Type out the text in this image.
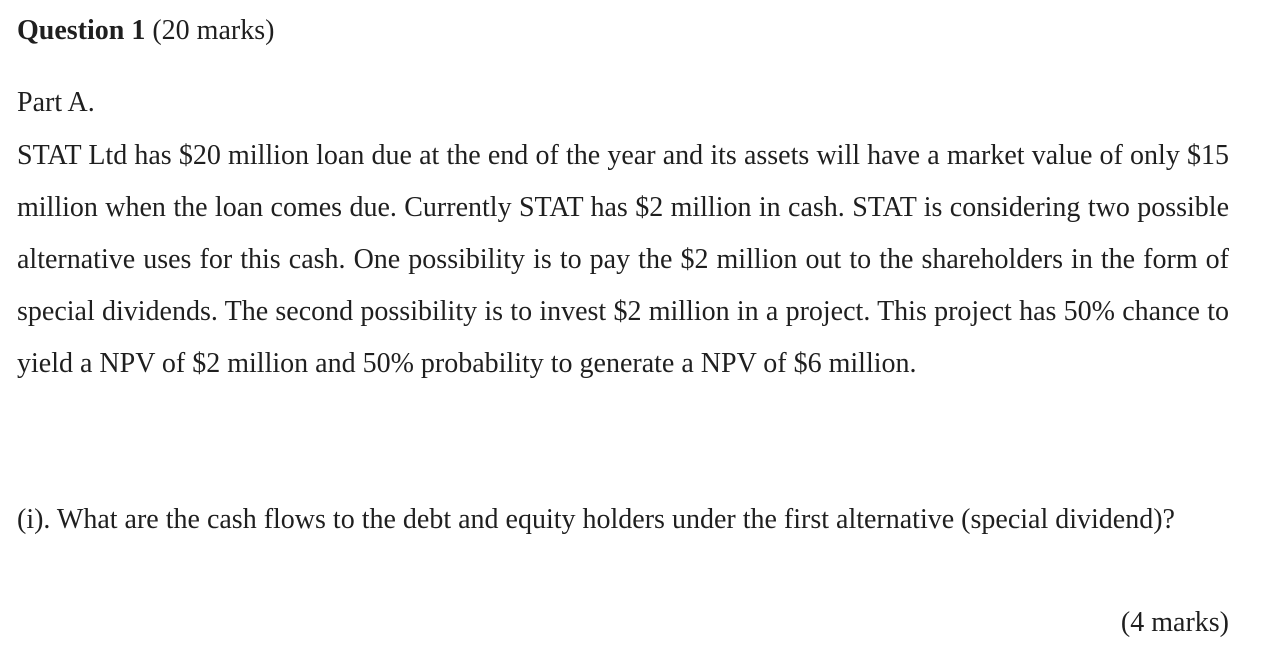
Question 1 (20 marks)
Part A.

STAT Ltd has $20 million loan due at the end of the year and its assets will have a market value of only $15 million when the loan comes due. Currently STAT has $2 million in cash. STAT is considering two possible alternative uses for this cash. One possibility is to pay the $2 million out to the shareholders in the form of special dividends. The second possibility is to invest $2 million in a project. This project has 50% chance to yield a NPV of $2 million and 50% probability to generate a NPV of $6 million.

(i). What are the cash flows to the debt and equity holders under the first alternative (special dividend)?

(4 marks)
